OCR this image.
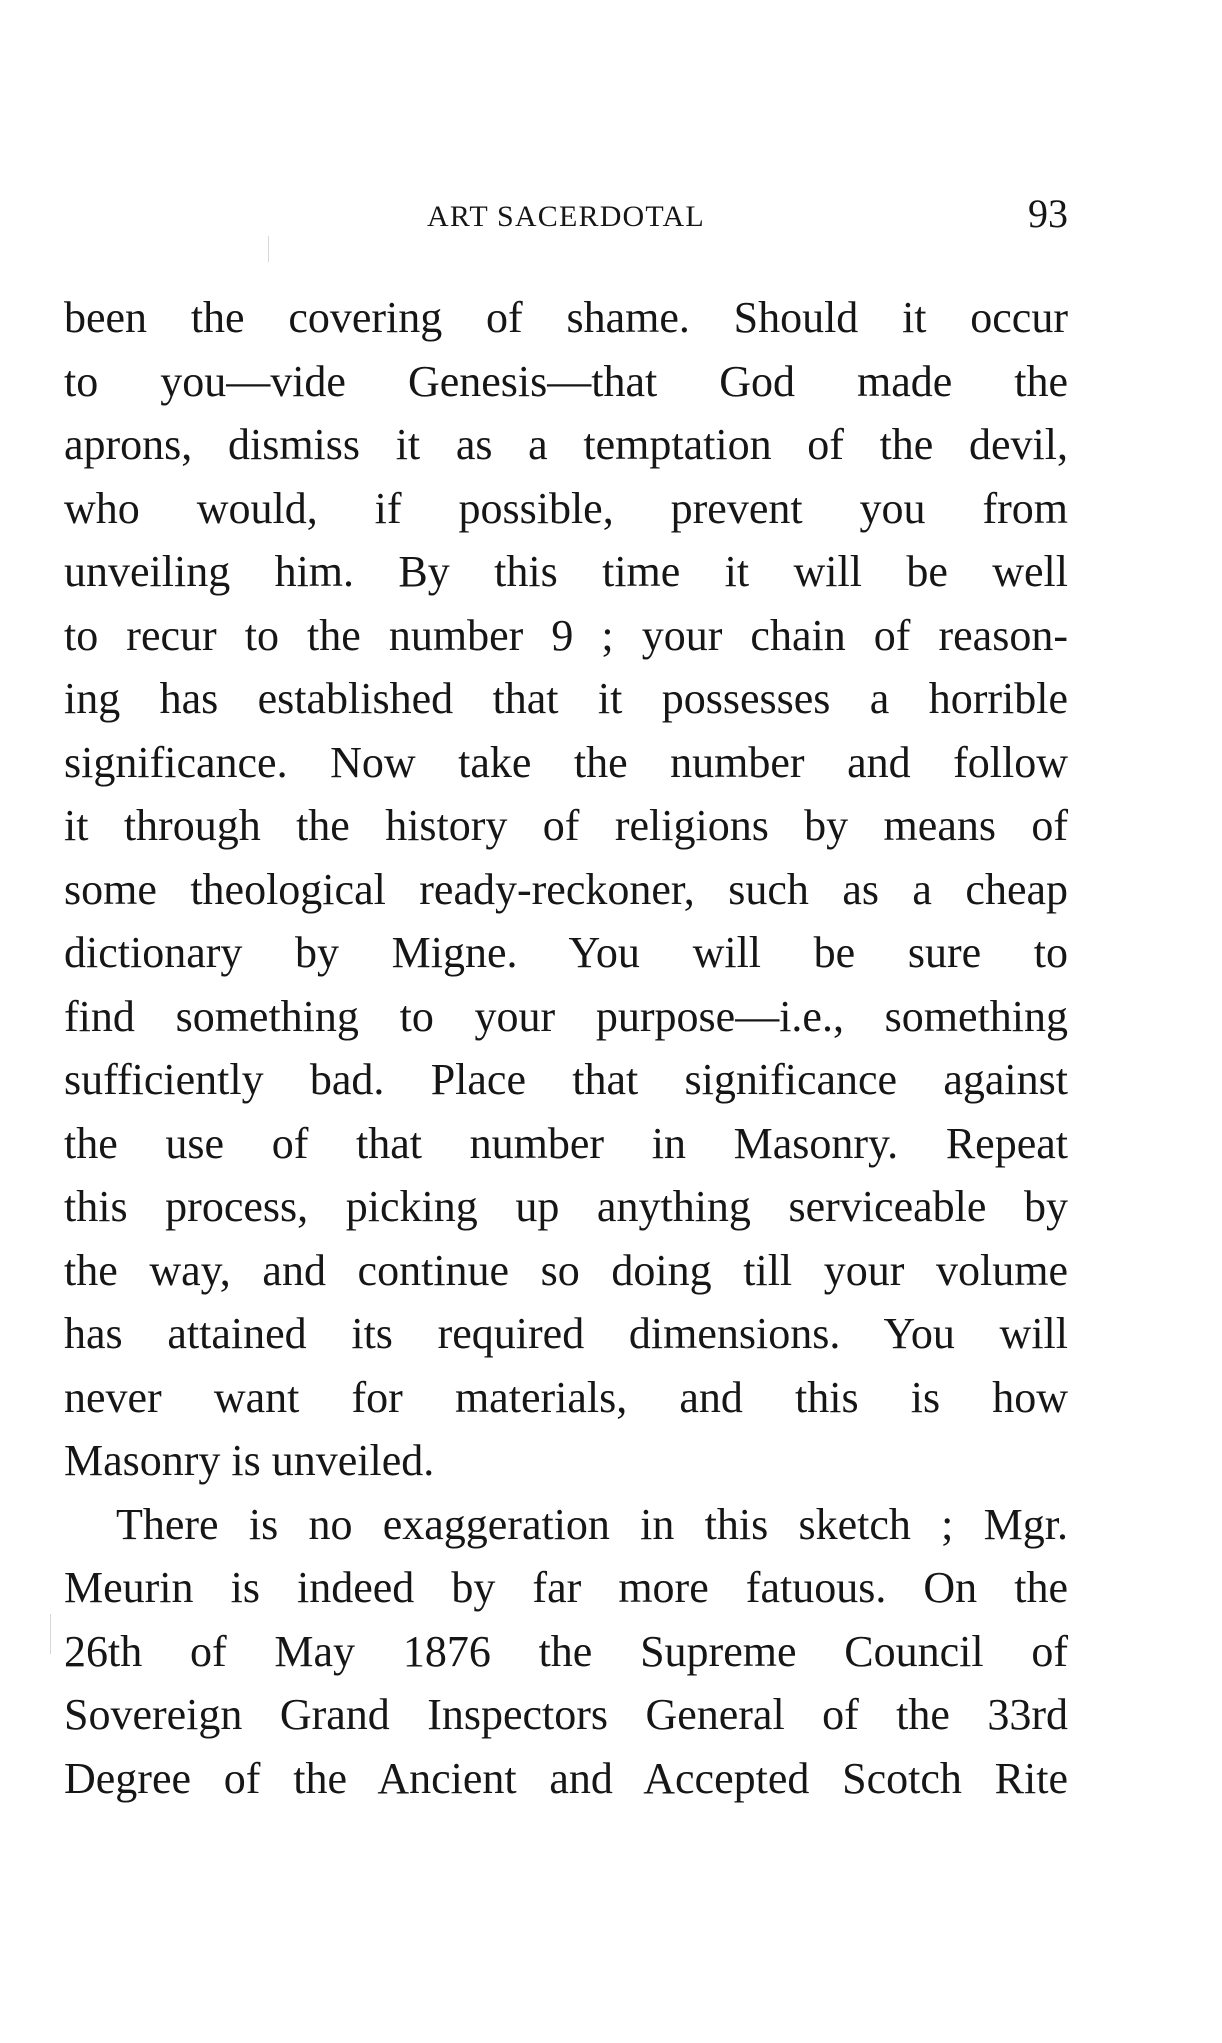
ART SACERDOTAL	93
been the covering of shame. Should it occur
to you—vide Genesis—that God made the
aprons, dismiss it as a temptation of the devil,
who would, if possible, prevent you from
unveiling him. By this time it will be well
to recur to the number 9 ; your chain of reason-
ing has established that it possesses a horrible
significance. Now take the number and follow
it through the history of religions by means of
some theological ready-reckoner, such as a cheap
dictionary by Migne. You will be sure to
find something to your purpose—i.e., something
sufficiently bad. Place that significance against
the use of that number in Masonry. Repeat
this process, picking up anything serviceable by
the way, and continue so doing till your volume
has attained its required dimensions. You will
never want for materials, and this is how
Masonry is unveiled.
There is no exaggeration in this sketch ; Mgr.
Meurin is indeed by far more fatuous. On the
26th of May 1876 the Supreme Council of
Sovereign Grand Inspectors General of the 33rd
Degree of the Ancient and Accepted Scotch Rite
